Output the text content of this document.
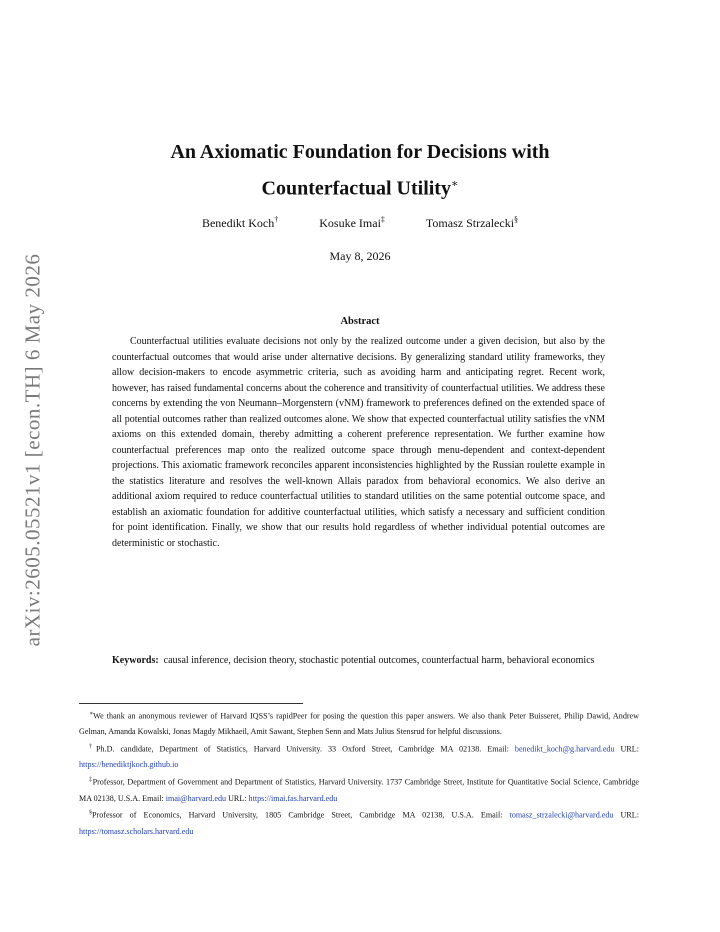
arXiv:2605.05521v1 [econ.TH] 6 May 2026
An Axiomatic Foundation for Decisions with
Counterfactual Utility∗
Benedikt Koch†	Kosuke Imai‡	Tomasz Strzalecki§
May 8, 2026
Abstract

Counterfactual utilities evaluate decisions not only by the realized outcome under a given decision, but also by the counterfactual outcomes that would arise under alternative decisions. By generalizing standard utility frameworks, they allow decision-makers to encode asymmetric criteria, such as avoiding harm and anticipating regret. Recent work, however, has raised fundamental concerns about the coherence and transitivity of counterfactual utilities. We address these concerns by extending the von Neumann–Morgenstern (vNM) framework to preferences defined on the extended space of all potential outcomes rather than realized outcomes alone. We show that expected counterfactual utility satisfies the vNM axioms on this extended domain, thereby admitting a coherent preference representation. We further examine how counterfactual preferences map onto the realized outcome space through menu-dependent and context-dependent projections. This axiomatic framework reconciles apparent inconsistencies highlighted by the Russian roulette example in the statistics literature and resolves the well-known Allais paradox from behavioral economics. We also derive an additional axiom required to reduce counterfactual utilities to standard utilities on the same potential outcome space, and establish an axiomatic foundation for additive counterfactual utilities, which satisfy a necessary and sufficient condition for point identification. Finally, we show that our results hold regardless of whether individual potential outcomes are deterministic or stochastic.

Keywords: causal inference, decision theory, stochastic potential outcomes, counterfactual harm, behavioral economics

∗We thank an anonymous reviewer of Harvard IQSS’s rapidPeer for posing the question this paper answers. We also thank Peter Buisseret, Philip Dawid, Andrew Gelman, Amanda Kowalski, Jonas Magdy Mikhaeil, Amit Sawant, Stephen Senn and Mats Julius Stensrud for helpful discussions.

†Ph.D. candidate, Department of Statistics, Harvard University. 33 Oxford Street, Cambridge MA 02138. Email: benedikt_koch@g.harvard.edu URL: https://benediktjkoch.github.io

‡Professor, Department of Government and Department of Statistics, Harvard University. 1737 Cambridge Street, Institute for Quantitative Social Science, Cambridge MA 02138, U.S.A. Email: imai@harvard.edu URL: https://imai.fas.harvard.edu

§Professor of Economics, Harvard University, 1805 Cambridge Street, Cambridge MA 02138, U.S.A. Email: tomasz_strzalecki@harvard.edu URL: https://tomasz.scholars.harvard.edu
